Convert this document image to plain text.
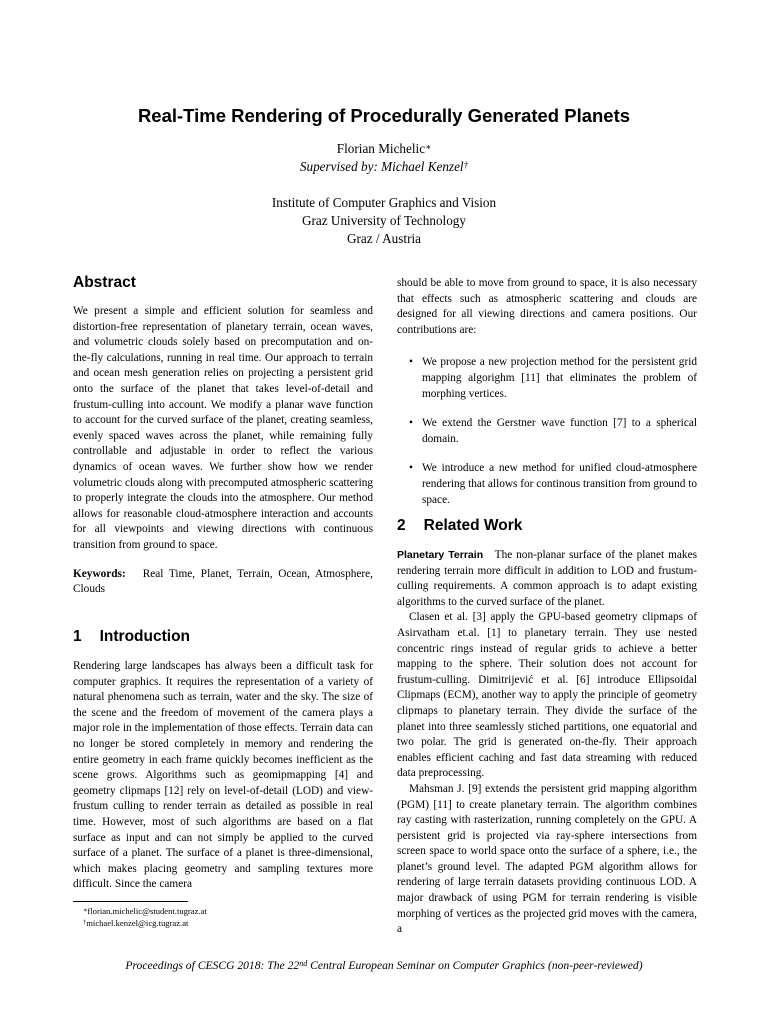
Real-Time Rendering of Procedurally Generated Planets
Florian Michelic∗
Supervised by: Michael Kenzel†
Institute of Computer Graphics and Vision
Graz University of Technology
Graz / Austria
Abstract

We present a simple and efficient solution for seamless and distortion-free representation of planetary terrain, ocean waves, and volumetric clouds solely based on precomputation and on-the-fly calculations, running in real time. Our approach to terrain and ocean mesh generation relies on projecting a persistent grid onto the surface of the planet that takes level-of-detail and frustum-culling into account. We modify a planar wave function to account for the curved surface of the planet, creating seamless, evenly spaced waves across the planet, while remaining fully controllable and adjustable in order to reflect the various dynamics of ocean waves. We further show how we render volumetric clouds along with precomputed atmospheric scattering to properly integrate the clouds into the atmosphere. Our method allows for reasonable cloud-atmosphere interaction and accounts for all viewpoints and viewing directions with continuous transition from ground to space.

Keywords: Real Time, Planet, Terrain, Ocean, Atmosphere, Clouds

1 Introduction

Rendering large landscapes has always been a difficult task for computer graphics. It requires the representation of a variety of natural phenomena such as terrain, water and the sky. The size of the scene and the freedom of movement of the camera plays a major role in the implementation of those effects. Terrain data can no longer be stored completely in memory and rendering the entire geometry in each frame quickly becomes inefficient as the scene grows. Algorithms such as geomipmapping [4] and geometry clipmaps [12] rely on level-of-detail (LOD) and view-frustum culling to render terrain as detailed as possible in real time. However, most of such algorithms are based on a flat surface as input and can not simply be applied to the curved surface of a planet. The surface of a planet is three-dimensional, which makes placing geometry and sampling textures more difficult. Since the camera

∗florian.michelic@student.tugraz.at
†michael.kenzel@icg.tugraz.at

should be able to move from ground to space, it is also necessary that effects such as atmospheric scattering and clouds are designed for all viewing directions and camera positions. Our contributions are:

• We propose a new projection method for the persistent grid mapping algorighm [11] that eliminates the problem of morphing vertices.
• We extend the Gerstner wave function [7] to a spherical domain.
• We introduce a new method for unified cloud-atmosphere rendering that allows for continous transition from ground to space.
2 Related Work

Planetary Terrain The non-planar surface of the planet makes rendering terrain more difficult in addition to LOD and frustum-culling requirements. A common approach is to adapt existing algorithms to the curved surface of the planet.

Clasen et al. [3] apply the GPU-based geometry clipmaps of Asirvatham et.al. [1] to planetary terrain. They use nested concentric rings instead of regular grids to achieve a better mapping to the sphere. Their solution does not account for frustum-culling. Dimitrijević et al. [6] introduce Ellipsoidal Clipmaps (ECM), another way to apply the principle of geometry clipmaps to planetary terrain. They divide the surface of the planet into three seamlessly stiched partitions, one equatorial and two polar. The grid is generated on-the-fly. Their approach enables efficient caching and fast data streaming with reduced data preprocessing.

Mahsman J. [9] extends the persistent grid mapping algorithm (PGM) [11] to create planetary terrain. The algorithm combines ray casting with rasterization, running completely on the GPU. A persistent grid is projected via ray-sphere intersections from screen space to world space onto the surface of a sphere, i.e., the planet’s ground level. The adapted PGM algorithm allows for rendering of large terrain datasets providing continuous LOD. A major drawback of using PGM for terrain rendering is visible morphing of vertices as the projected grid moves with the camera, a

Proceedings of CESCG 2018: The 22nd Central European Seminar on Computer Graphics (non-peer-reviewed)
